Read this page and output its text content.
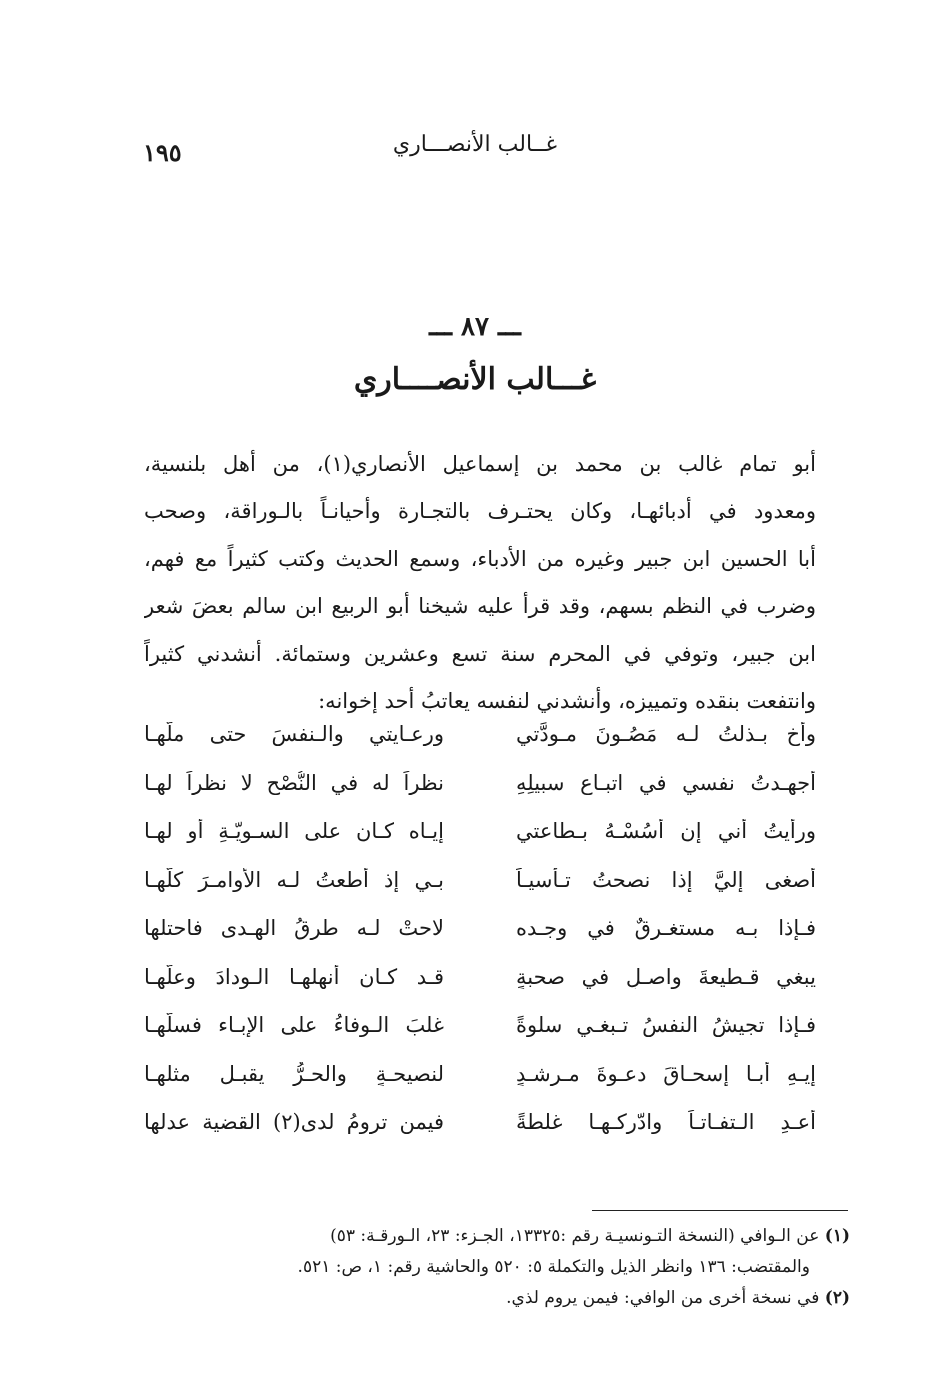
غــالب الأنصـــاري
١٩٥
ـــ ٨٧ ـــ
غـــالب الأنصــــاري
أبو تمام غالب بن محمد بن إسماعيل الأنصاري(١)، من أهل بلنسية،
ومعدود في أدبائهـا، وكان يحتـرف بالتجـارة وأحيانـاً بالـوراقة، وصحب
أبا الحسين ابن جبير وغيره من الأدباء، وسمع الحديث وكتب كثيراً مع فهم،
وضرب في النظم بسهم، وقد قرأ عليه شيخنا أبو الربيع ابن سالم بعضَ شعر
ابن جبير، وتوفي في المحرم سنة تسع وعشرين وستمائة. أنشدني كثيراً
وانتفعت بنقده وتمييزه، وأنشدني لنفسه يعاتبُ أحد إخوانه:
وأخٍ بـذلتُ لـه مَصُـونَ مـودَّتي
ورعـايتي والـنفسَ حتى ملَّهـا
أجهـدتُ نفسي في اتبـاع سبيلِهِ
نظراً له في النُّصْحِ لا نظراً لهـا
ورأيتُ أني إن أَسُسْـهُ بـطاعتي
إيـاه كـان على السـويّـةِ أو لهـا
أَصغى إليَّ إذا نصحتُ تـأسيـاً
بـي إذ أطعتُ لـه الأوامـرَ كلَّهـا
فـإذا بـه مستغـرقٌ في وجـده
لاحتْ لـه طرقُ الهـدى فاحتلها
يبغي قـطيعةَ واصـلٍ في صحبةٍ
قـد كـان أنهلهـا الـودادَ وعلَّهـا
فـإذا تجيشُ النفسُ تـبغـي سلوةً
غلبَ الـوفاءُ على الإبـاء فسلَّهـا
إيـهِ أبـا إسحـاقَ دعـوةَ مـرشـدٍ
لنصيحـةٍ والحـرُّ يقبـل مثلهـا
أَعـدِ الـتفـاتـاً وادّركـهـا غلطةً
فيمن ترومُ لدى(٢) القضية عدلها
(١) عن الـوافي (النسخة التـونسيـة رقم :١٣٣٢٥، الجـزء: ٢٣، الـورقـة: ٥٣)
والمقتضب: ١٣٦ وانظر الذيل والتكملة ٥: ٥٢٠ والحاشية رقم: ١، ص: ٥٢١.
(٢) في نسخة أخرى من الوافي: فيمن يروم لذي.
